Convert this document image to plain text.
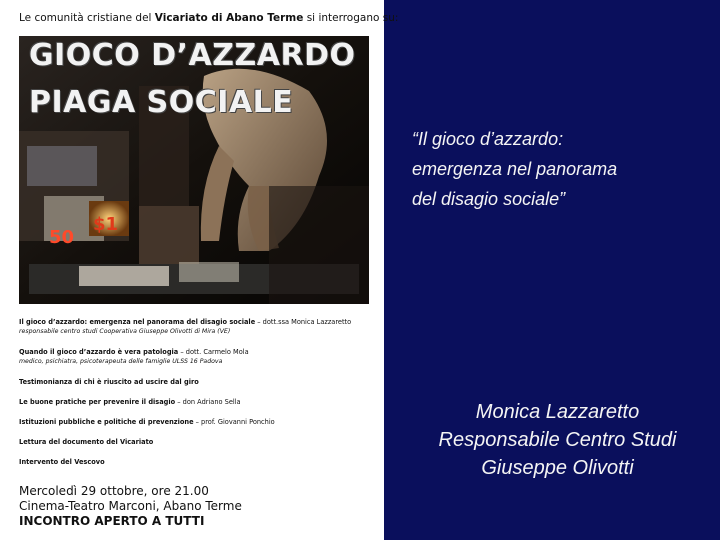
Le comunità cristiane del Vicariato di Abano Terme si interrogano su:
50
$1
GIOCO D’AZZARDO
PIAGA SOCIALE
Il gioco d’azzardo: emergenza nel panorama del disagio sociale – dott.ssa Monica Lazzaretto
responsabile centro studi Cooperativa Giuseppe Olivotti di Mira (VE)
Quando il gioco d’azzardo è vera patologia – dott. Carmelo Mola
medico, psichiatra, psicoterapeuta delle famiglie ULSS 16 Padova
Testimonianza di chi è riuscito ad uscire dal giro
Le buone pratiche per prevenire il disagio – don Adriano Sella
Istituzioni pubbliche e politiche di prevenzione – prof. Giovanni Ponchio
Lettura del documento del Vicariato
Intervento del Vescovo
Mercoledì 29 ottobre, ore 21.00
Cinema-Teatro Marconi, Abano Terme
INCONTRO APERTO A TUTTI
“Il gioco d’azzardo:
emergenza nel panorama
del disagio sociale”
Monica Lazzaretto
Responsabile Centro Studi
Giuseppe Olivotti
